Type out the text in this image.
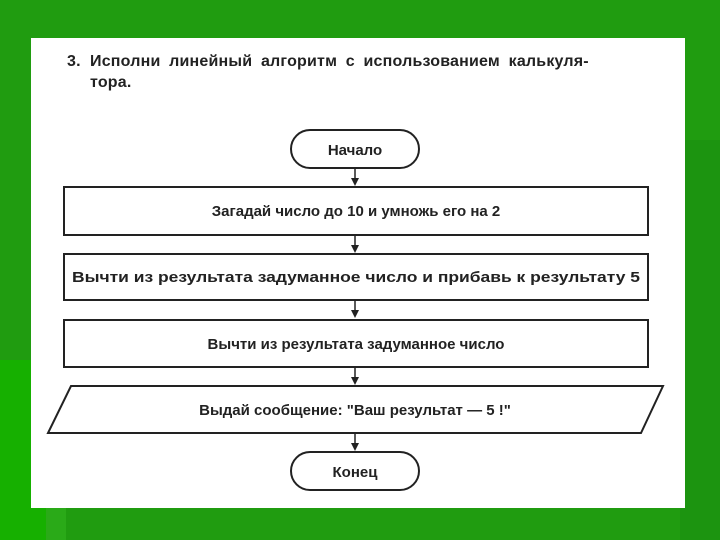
3. Исполни линейный алгоритм с использованием калькуля-
тора.
Начало
Загадай число до 10 и умножь его на 2
Вычти из результата задуманное число и прибавь к результату 5
Вычти из результата задуманное число
Выдай сообщение: "Ваш результат — 5 !"
Конец
